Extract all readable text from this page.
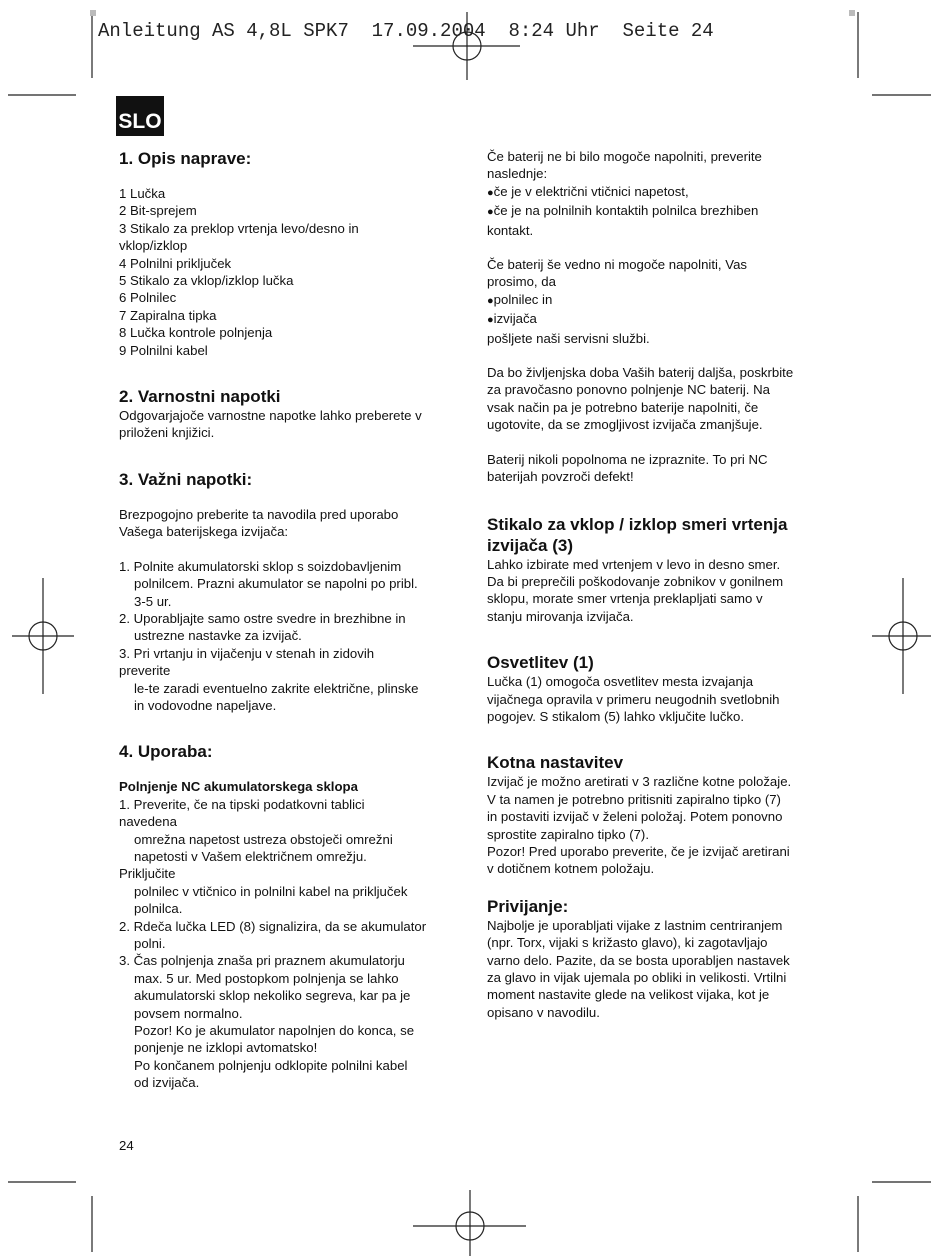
Anleitung AS 4,8L SPK7  17.09.2004  8:24 Uhr  Seite 24
SLO
1. Opis naprave:

1 Lučka

2 Bit-sprejem

3 Stikalo za preklop vrtenja levo/desno in

vklop/izklop

4 Polnilni priključek

5 Stikalo za vklop/izklop lučka

6 Polnilec

7 Zapiralna tipka

8 Lučka kontrole polnjenja

9 Polnilni kabel

2. Varnostni napotki

Odgovarjajoče varnostne napotke lahko preberete v

priloženi knjižici.

3. Važni napotki:

Brezpogojno preberite ta navodila pred uporabo

Vašega baterijskega izvijača:

1. Polnite akumulatorski sklop s soizdobavljenim

polnilcem. Prazni akumulator se napolni po pribl.

3-5 ur.

2. Uporabljajte samo ostre svedre in brezhibne in

ustrezne nastavke za izvijač.

3. Pri vrtanju in vijačenju v stenah in zidovih

preverite

le-te zaradi eventuelno zakrite električne, plinske

in vodovodne napeljave.

4. Uporaba:
Polnjenje NC akumulatorskega sklopa

1. Preverite, če na tipski podatkovni tablici

navedena

omrežna napetost ustreza obstoječi omrežni

napetosti v Vašem električnem omrežju.

Priključite

polnilec v vtičnico in polnilni kabel na priključek

polnilca.

2. Rdeča lučka LED (8) signalizira, da se akumulator

polni.

3. Čas polnjenja znaša pri praznem akumulatorju

max. 5 ur. Med postopkom polnjenja se lahko

akumulatorski sklop nekoliko segreva, kar pa je

povsem normalno.

Pozor! Ko je akumulator napolnjen do konca, se

ponjenje ne izklopi avtomatsko!

Po končanem polnjenju odklopite polnilni kabel

od izvijača.

Če baterij ne bi bilo mogoče napolniti, preverite

naslednje:

● če je v električni vtičnici napetost,

● če je na polnilnih kontaktih polnilca brezhiben

kontakt.

Če baterij še vedno ni mogoče napolniti, Vas

prosimo, da

● polnilec in

● izvijača

pošljete naši servisni službi.

Da bo življenjska doba Vaših baterij daljša, poskrbite

za pravočasno ponovno polnjenje NC baterij. Na

vsak način pa je potrebno baterije napolniti, če

ugotovite, da se zmogljivost izvijača zmanjšuje.

Baterij nikoli popolnoma ne izpraznite. To pri NC

baterijah povzroči defekt!

Stikalo za vklop / izklop smeri vrtenja
izvijača (3)

Lahko izbirate med vrtenjem v levo in desno smer.

Da bi preprečili poškodovanje zobnikov v gonilnem

sklopu, morate smer vrtenja preklapljati samo v

stanju mirovanja izvijača.

Osvetlitev (1)

Lučka (1) omogoča osvetlitev mesta izvajanja

vijačnega opravila v primeru neugodnih svetlobnih

pogojev. S stikalom (5) lahko vključite lučko.

Kotna nastavitev

Izvijač je možno aretirati v 3 različne kotne položaje.

V ta namen je potrebno pritisniti zapiralno tipko (7)

in postaviti izvijač v želeni položaj. Potem ponovno

sprostite zapiralno tipko (7).

Pozor! Pred uporabo preverite, če je izvijač aretirani

v dotičnem kotnem položaju.

Privijanje:

Najbolje je uporabljati vijake z lastnim centriranjem

(npr. Torx, vijaki s križasto glavo), ki zagotavljajo

varno delo. Pazite, da se bosta uporabljen nastavek

za glavo in vijak ujemala po obliki in velikosti. Vrtilni

moment nastavite glede na velikost vijaka, kot je

opisano v navodilu.

24
